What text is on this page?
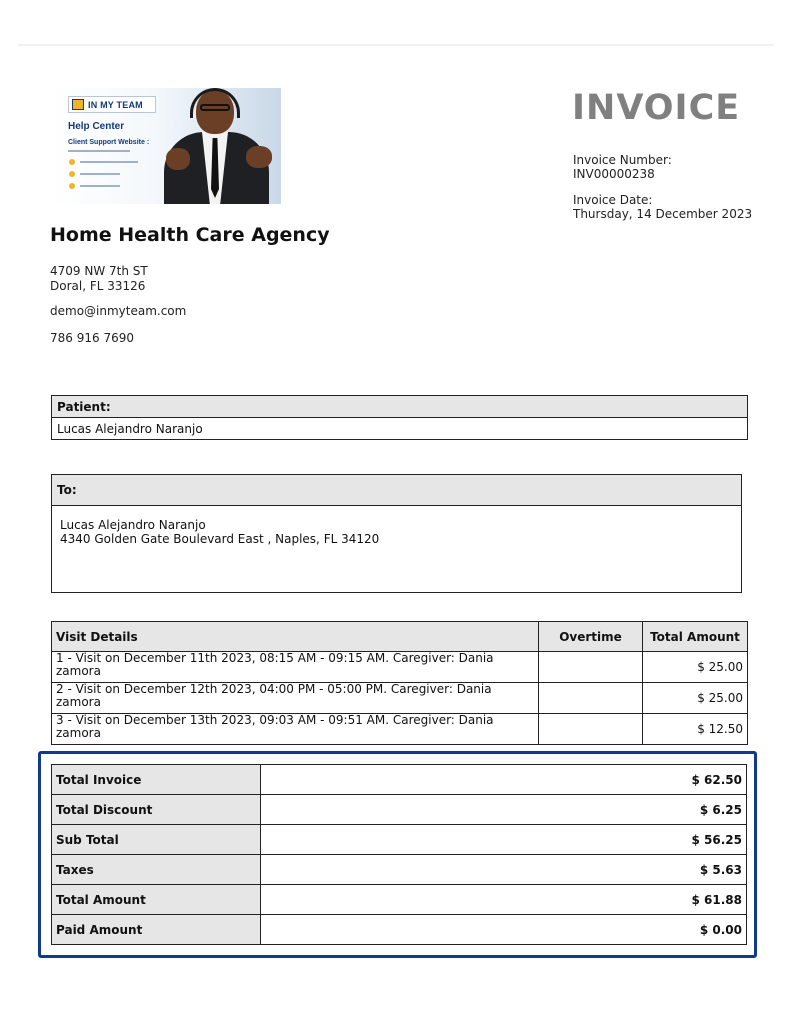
IN MY TEAM
Help Center
Client Support Website :
Home Health Care Agency
4709 NW 7th ST
Doral, FL 33126
demo@inmyteam.com
786 916 7690
INVOICE
Invoice Number:
INV00000238
Invoice Date:
Thursday, 14 December 2023
Patient:
Lucas Alejandro Naranjo
To:

Lucas Alejandro Naranjo
4340 Golden Gate Boulevard East , Naples, FL 34120
Visit Details	Overtime	Total Amount
1 - Visit on December 11th 2023, 08:15 AM - 09:15 AM. Caregiver: Dania zamora		$ 25.00
2 - Visit on December 12th 2023, 04:00 PM - 05:00 PM. Caregiver: Dania zamora		$ 25.00
3 - Visit on December 13th 2023, 09:03 AM - 09:51 AM. Caregiver: Dania zamora		$ 12.50
Total Invoice	$ 62.50
Total Discount	$ 6.25
Sub Total	$ 56.25
Taxes	$ 5.63
Total Amount	$ 61.88
Paid Amount	$ 0.00
